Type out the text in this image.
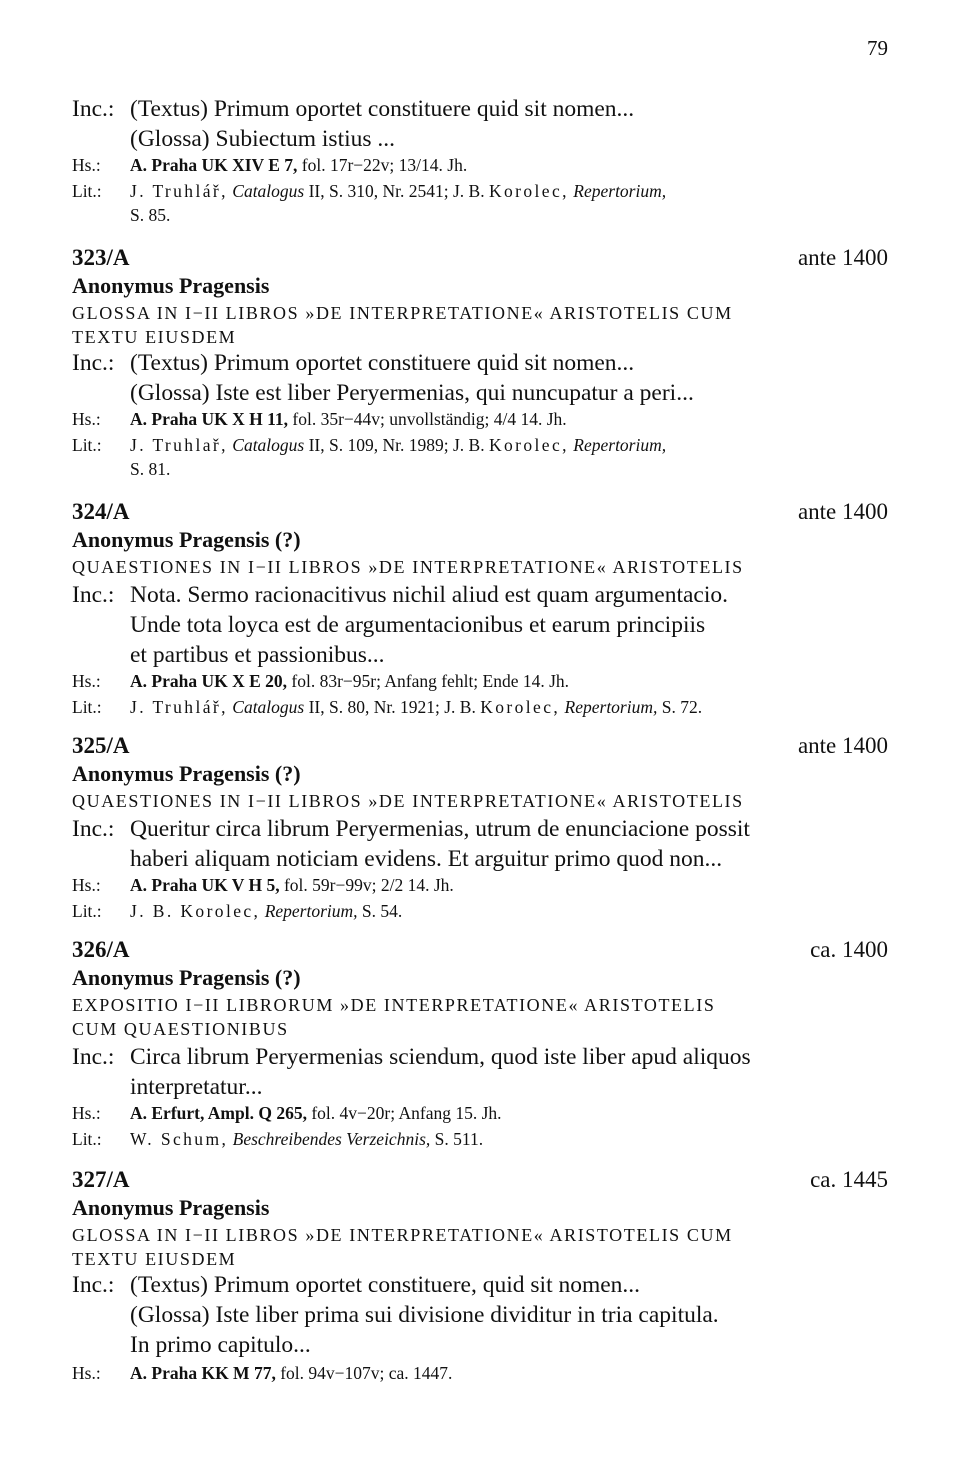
79
Inc.: (Textus) Primum oportet constituere quid sit nomen...
(Glossa) Subiectum istius ...
Hs.: A. Praha UK XIV E 7, fol. 17r−22v; 13/14. Jh.
Lit.: J. Truhlář, Catalogus II, S. 310, Nr. 2541; J. B. Korolec, Repertorium,
S. 85.
323/A	ante 1400
Anonymus Pragensis
GLOSSA IN I−II LIBROS »DE INTERPRETATIONE« ARISTOTELIS CUM
TEXTU EIUSDEM
Inc.: (Textus) Primum oportet constituere quid sit nomen...
(Glossa) Iste est liber Peryermenias, qui nuncupatur a peri...
Hs.: A. Praha UK X H 11, fol. 35r−44v; unvollständig; 4/4 14. Jh.
Lit.: J. Truhlař, Catalogus II, S. 109, Nr. 1989; J. B. Korolec, Repertorium,
S. 81.
324/A	ante 1400
Anonymus Pragensis (?)
QUAESTIONES IN I−II LIBROS »DE INTERPRETATIONE« ARISTOTELIS
Inc.: Nota. Sermo racionacitivus nichil aliud est quam argumentacio.
Unde tota loyca est de argumentacionibus et earum principiis
et partibus et passionibus...
Hs.: A. Praha UK X E 20, fol. 83r−95r; Anfang fehlt; Ende 14. Jh.
Lit.: J. Truhlář, Catalogus II, S. 80, Nr. 1921; J. B. Korolec, Repertorium, S. 72.
325/A	ante 1400
Anonymus Pragensis (?)
QUAESTIONES IN I−II LIBROS »DE INTERPRETATIONE« ARISTOTELIS
Inc.: Queritur circa librum Peryermenias, utrum de enunciacione possit
haberi aliquam noticiam evidens. Et arguitur primo quod non...
Hs.: A. Praha UK V H 5, fol. 59r−99v; 2/2 14. Jh.
Lit.: J. B. Korolec, Repertorium, S. 54.
326/A	ca. 1400
Anonymus Pragensis (?)
EXPOSITIO I−II LIBRORUM »DE INTERPRETATIONE« ARISTOTELIS
CUM QUAESTIONIBUS
Inc.: Circa librum Peryermenias sciendum, quod iste liber apud aliquos
interpretatur...
Hs.: A. Erfurt, Ampl. Q 265, fol. 4v−20r; Anfang 15. Jh.
Lit.: W. Schum, Beschreibendes Verzeichnis, S. 511.
327/A	ca. 1445
Anonymus Pragensis
GLOSSA IN I−II LIBROS »DE INTERPRETATIONE« ARISTOTELIS CUM
TEXTU EIUSDEM
Inc.: (Textus) Primum oportet constituere, quid sit nomen...
(Glossa) Iste liber prima sui divisione dividitur in tria capitula.
In primo capitulo...
Hs.: A. Praha KK M 77, fol. 94v−107v; ca. 1447.
